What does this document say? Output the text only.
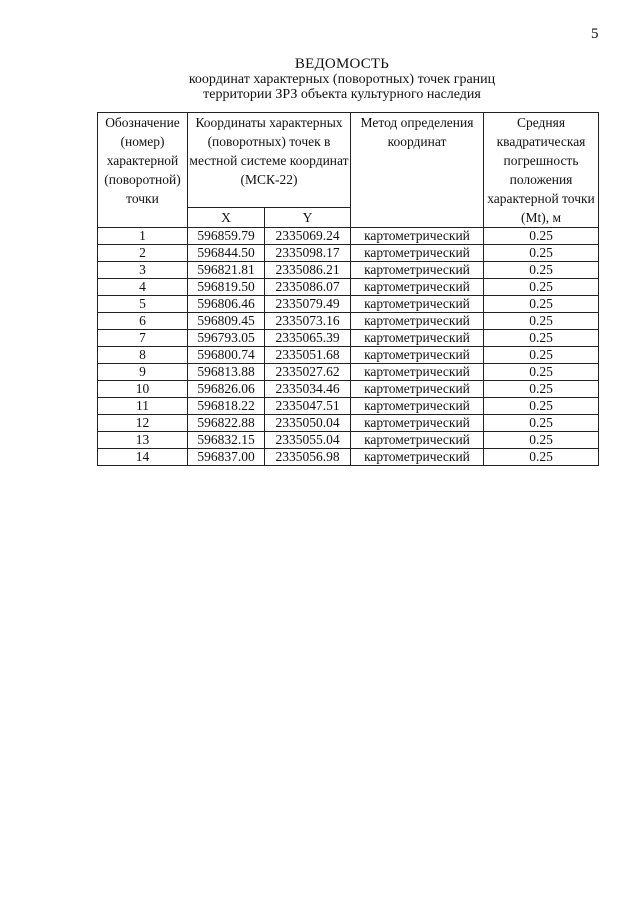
5
ВЕДОМОСТЬ
координат характерных (поворотных) точек границ
территории ЗРЗ объекта культурного наследия
Обозначение (номер) характерной (поворотной) точки	Координаты характерных (поворотных) точек в местной системе координат (МСК-22)		Метод определения координат	Средняя квадратическая погрешность положения характерной точки (Мt), м
	X	Y		
1	596859.79	2335069.24	картометрический	0.25
2	596844.50	2335098.17	картометрический	0.25
3	596821.81	2335086.21	картометрический	0.25
4	596819.50	2335086.07	картометрический	0.25
5	596806.46	2335079.49	картометрический	0.25
6	596809.45	2335073.16	картометрический	0.25
7	596793.05	2335065.39	картометрический	0.25
8	596800.74	2335051.68	картометрический	0.25
9	596813.88	2335027.62	картометрический	0.25
10	596826.06	2335034.46	картометрический	0.25
11	596818.22	2335047.51	картометрический	0.25
12	596822.88	2335050.04	картометрический	0.25
13	596832.15	2335055.04	картометрический	0.25
14	596837.00	2335056.98	картометрический	0.25
